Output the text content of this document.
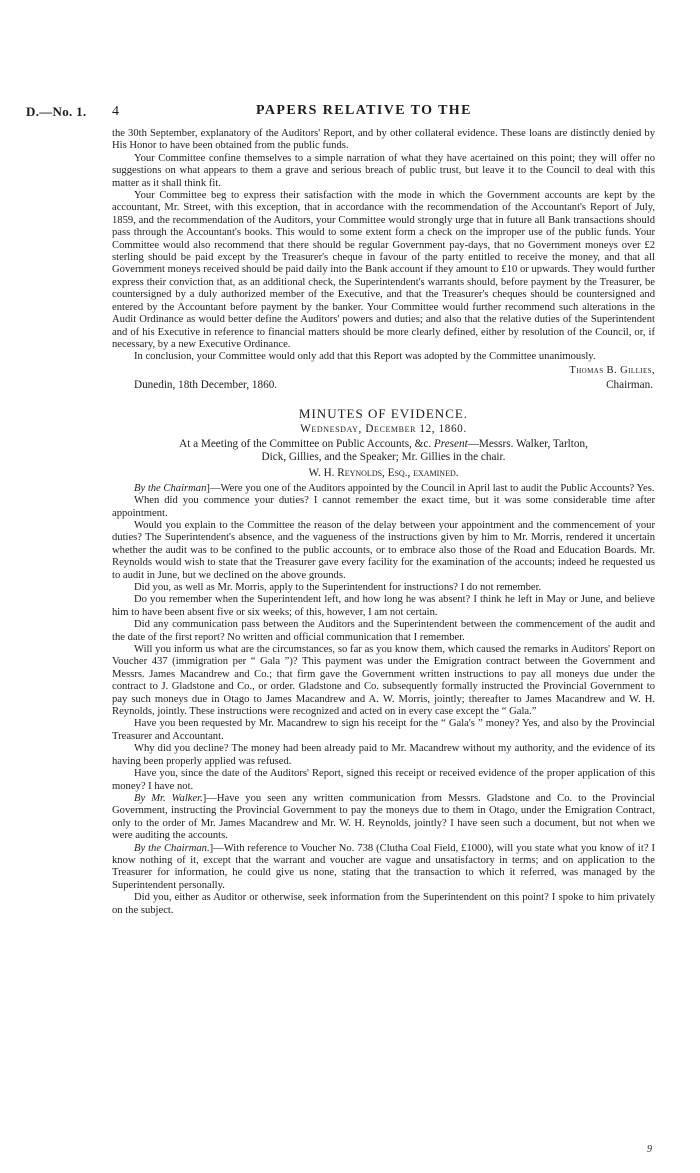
D.—No. 1. 4	PAPERS RELATIVE TO THE

the 30th September, explanatory of the Auditors' Report, and by other collateral evidence. These loans are distinctly denied by His Honor to have been obtained from the public funds.

Your Committee confine themselves to a simple narration of what they have acertained on this point; they will offer no suggestions on what appears to them a grave and serious breach of public trust, but leave it to the Council to deal with this matter as it shall think fit.

Your Committee beg to express their satisfaction with the mode in which the Government accounts are kept by the accountant, Mr. Street, with this exception, that in accordance with the recommendation of the Accountant's Report of July, 1859, and the recommendation of the Auditors, your Committee would strongly urge that in future all Bank transactions should pass through the Accountant's books. This would to some extent form a check on the improper use of the public funds. Your Committee would also recommend that there should be regular Government pay-days, that no Government moneys over £2 sterling should be paid except by the Treasurer's cheque in favour of the party entitled to receive the money, and that all Government moneys received should be paid daily into the Bank account if they amount to £10 or upwards. They would further express their conviction that, as an additional check, the Superintendent's warrants should, before payment by the Treasurer, be countersigned by a duly authorized member of the Executive, and that the Treasurer's cheques should be countersigned and entered by the Accountant before payment by the banker. Your Committee would further recommend such alterations in the Audit Ordinance as would better define the Auditors' powers and duties; and also that the relative duties of the Superintendent and of his Executive in reference to financial matters should be more clearly defined, either by resolution of the Council, or, if necessary, by a new Executive Ordinance.

In conclusion, your Committee would only add that this Report was adopted by the Committee unanimously.

Thomas B. Gillies,

Dunedin, 18th December, 1860.	Chairman.
MINUTES OF EVIDENCE.
Wednesday, December 12, 1860.
At a Meeting of the Committee on Public Accounts, &c. Present—Messrs. Walker, Tarlton,
Dick, Gillies, and the Speaker; Mr. Gillies in the chair.
W. H. Reynolds, Esq., examined.

By the Chairman]—Were you one of the Auditors appointed by the Council in April last to audit the Public Accounts? Yes.

When did you commence your duties? I cannot remember the exact time, but it was some considerable time after appointment.

Would you explain to the Committee the reason of the delay between your appointment and the commencement of your duties? The Superintendent's absence, and the vagueness of the instructions given by him to Mr. Morris, rendered it uncertain whether the audit was to be confined to the public accounts, or to embrace also those of the Road and Education Boards. Mr. Reynolds would wish to state that the Treasurer gave every facility for the examination of the accounts; indeed he requested us to audit in June, but we declined on the above grounds.

Did you, as well as Mr. Morris, apply to the Superintendent for instructions? I do not remember.

Do you remember when the Superintendent left, and how long he was absent? I think he left in May or June, and believe him to have been absent five or six weeks; of this, however, I am not certain.

Did any communication pass between the Auditors and the Superintendent between the commencement of the audit and the date of the first report? No written and official communication that I remember.

Will you inform us what are the circumstances, so far as you know them, which caused the remarks in Auditors' Report on Voucher 437 (immigration per “ Gala ”)? This payment was under the Emigration contract between the Government and Messrs. James Macandrew and Co.; that firm gave the Government written instructions to pay all moneys due under the contract to J. Gladstone and Co., or order. Gladstone and Co. subsequently formally instructed the Provincial Government to pay such moneys due in Otago to James Macandrew and A. W. Morris, jointly; thereafter to James Macandrew and W. H. Reynolds, jointly. These instructions were recognized and acted on in every case except the “ Gala.”

Have you been requested by Mr. Macandrew to sign his receipt for the “ Gala's ” money? Yes, and also by the Provincial Treasurer and Accountant.

Why did you decline? The money had been already paid to Mr. Macandrew without my authority, and the evidence of its having been properly applied was refused.

Have you, since the date of the Auditors' Report, signed this receipt or received evidence of the proper application of this money? I have not.

By Mr. Walker.]—Have you seen any written communication from Messrs. Gladstone and Co. to the Provincial Government, instructing the Provincial Government to pay the moneys due to them in Otago, under the Emigration Contract, only to the order of Mr. James Macandrew and Mr. W. H. Reynolds, jointly? I have seen such a document, but not when we were auditing the accounts.

By the Chairman.]—With reference to Voucher No. 738 (Clutha Coal Field, £1000), will you state what you know of it? I know nothing of it, except that the warrant and voucher are vague and unsatisfactory in terms; and on application to the Treasurer for information, he could give us none, stating that the transaction to which it referred, was managed by the Superintendent personally.

Did you, either as Auditor or otherwise, seek information from the Superintendent on this point? I spoke to him privately on the subject.

9
